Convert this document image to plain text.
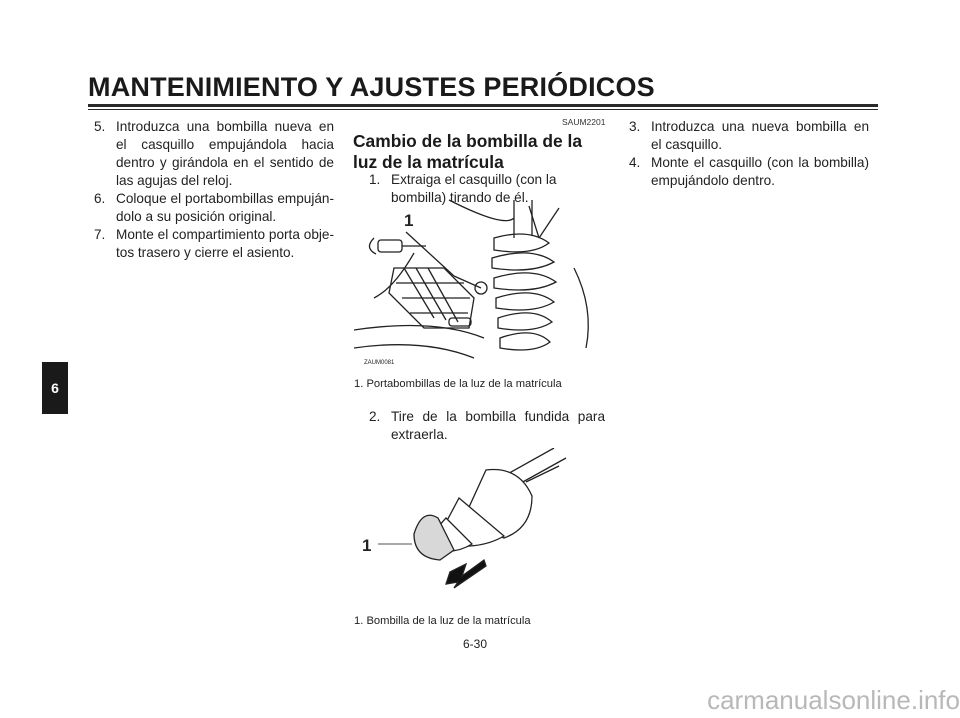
MANTENIMIENTO Y AJUSTES PERIÓDICOS
6
5. Introduzca una bombilla nueva en el casquillo empujándola hacia dentro y girándola en el sentido de las agujas del reloj.
6. Coloque el portabombillas empuján-dolo a su posición original.
7. Monte el compartimiento porta obje-tos trasero y cierre el asiento.
SAUM2201
Cambio de la bombilla de la luz de la matrícula
1. Extraiga el casquillo (con la bombilla) tirando de él.
1
ZAUM0081
1. Portabombillas de la luz de la matrícula
2. Tire de la bombilla fundida para extraerla.
1
1. Bombilla de la luz de la matrícula
3. Introduzca una nueva bombilla en el casquillo.
4. Monte el casquillo (con la bombilla) empujándolo dentro.
6-30
carmanualsonline.info
